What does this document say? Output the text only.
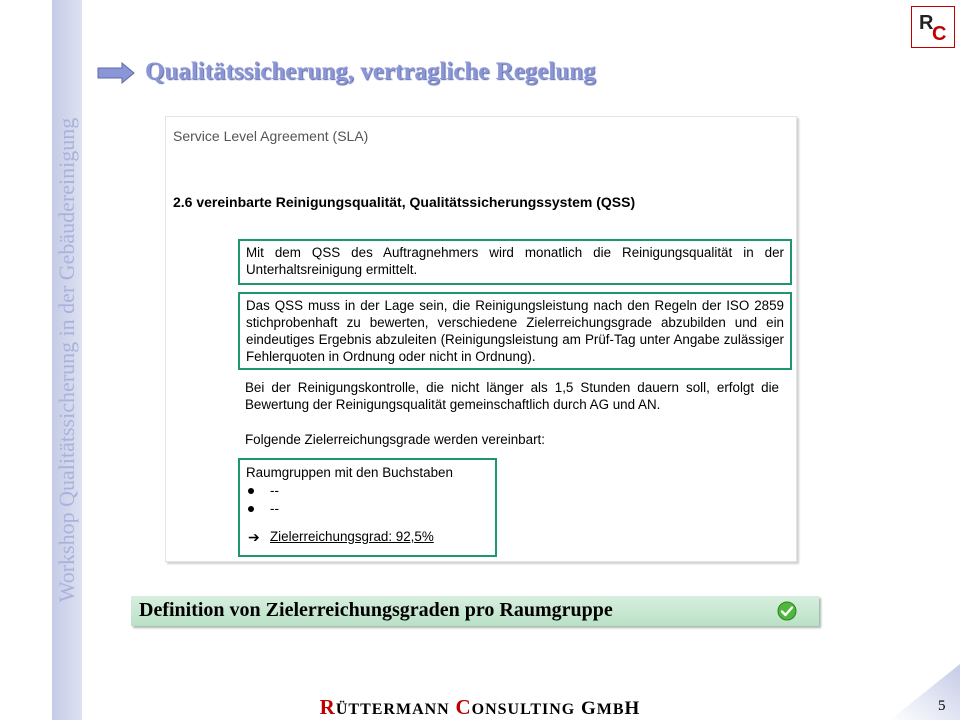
Workshop Qualitätssicherung in der Gebäudereinigung
R
C
Qualitätssicherung, vertragliche Regelung
Service Level Agreement (SLA)
2.6 vereinbarte Reinigungsqualität, Qualitätssicherungssystem (QSS)
Mit dem QSS des Auftragnehmers wird monatlich die Reinigungsqualität in der Unterhaltsreinigung ermittelt.
Das QSS muss in der Lage sein, die Reinigungsleistung nach den Regeln der ISO 2859 stichprobenhaft zu bewerten, verschiedene Zielerreichungsgrade abzubilden und ein eindeutiges Ergebnis abzuleiten (Reinigungsleistung am Prüf-Tag unter Angabe zulässiger Fehlerquoten in Ordnung oder nicht in Ordnung).
Bei der Reinigungskontrolle, die nicht länger als 1,5 Stunden dauern soll, erfolgt die Bewertung der Reinigungsqualität gemeinschaftlich durch AG und AN.
Folgende Zielerreichungsgrade werden vereinbart:
Raumgruppen mit den Buchstaben
--
--
➔ Zielerreichungsgrad: 92,5%
Definition von Zielerreichungsgraden pro Raumgruppe
RÜTTERMANN CONSULTING GMBH	5
